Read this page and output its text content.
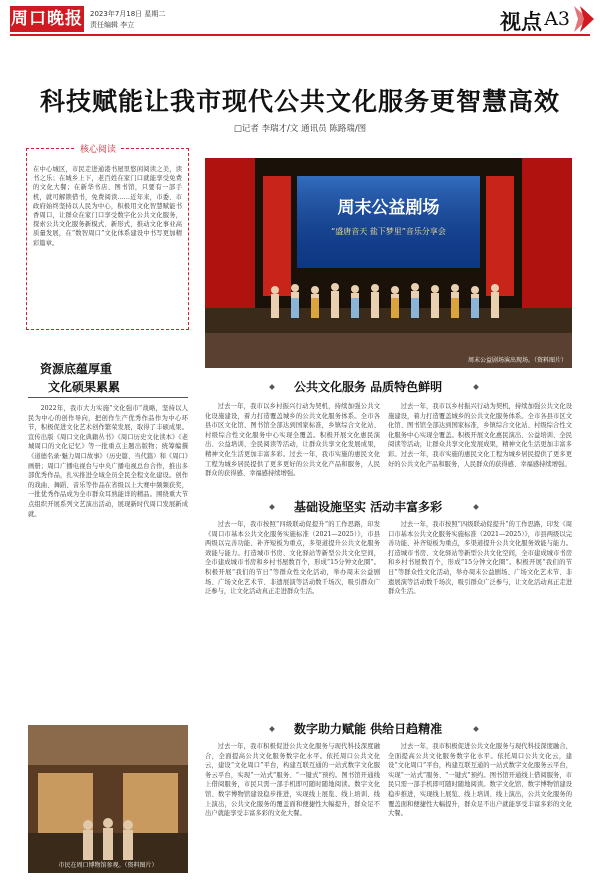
周口晚报 2023年7月18日 星期二
责任编辑 李立	视点 A3
科技赋能让我市现代公共文化服务更智慧高效
□记者 李瑞才/文 通讯员 陈路瑞/图
核心阅读
在中心城区，市民走进通港书屋里悠闲阅读之美，读书之乐；在城乡上下，老百姓在家门口就能享受免费的文化大餐；在新华书店、图书馆，只要有一部手机，就可解锁借书，免费阅读……近年来，市委、市政府始终坚持以人民为中心，积极用文化智慧赋能书香周口，让群众在家门口享受数字化公共文化服务，探索公共文化服务新模式、新形式，推动文化事业高质量发展，在“数智周口”文化体系建设中书写更加精彩篇章。
周末公益剧场
“盛唐音天 盐下梦里”音乐分享会
周末公益剧场演出现场。（资料图片）
资源底蕴厚重
文化硕果累累
2022年，我市大力实施“文化强市”战略，坚持以人民为中心的创作导向，把创作生产优秀作品作为中心环节，积极促进文化艺术创作繁荣发展，取得了丰硕成果。宣传出版《周口文化典籍丛书》《周口历史文化读本》《老城周口的文化记忆》等一批重点主题出版物；统筹编撰《道德名录·魅力周口故事》（历史篇、当代篇）和《周口》画册；周口广播电视台与中央广播电视总台合作，推出多部优秀作品，扎实推进全域全员全民全程文化建设。创作的戏曲、舞蹈、音乐等作品在省级以上大赛中频频获奖，一批优秀作品成为全市群众耳熟能详的精品。围绕重大节点组织开展系列文艺演出活动，展现新时代周口发展新成就。
公共文化服务 品质特色鲜明
过去一年，我市以乡村振兴行动为契机，持续加强公共文化设施建设，着力打造覆盖城乡的公共文化服务体系。全市各县市区文化馆、图书馆全部达到国家标准，乡镇综合文化站、村级综合性文化服务中心实现全覆盖。积极开展文化惠民演出、公益培训、全民阅读等活动，让群众共享文化发展成果，精神文化生活更加丰富多彩。过去一年，我市实施的惠民文化工程为城乡居民提供了更多更好的公共文化产品和服务，人民群众的获得感、幸福感持续增强。
过去一年，我市以乡村振兴行动为契机，持续加强公共文化设施建设，着力打造覆盖城乡的公共文化服务体系。全市各县市区文化馆、图书馆全部达到国家标准，乡镇综合文化站、村级综合性文化服务中心实现全覆盖。积极开展文化惠民演出、公益培训、全民阅读等活动，让群众共享文化发展成果，精神文化生活更加丰富多彩。过去一年，我市实施的惠民文化工程为城乡居民提供了更多更好的公共文化产品和服务，人民群众的获得感、幸福感持续增强。
基础设施坚实 活动丰富多彩
过去一年，我市按照“四级联动促提升”的工作思路，印发《周口市基本公共文化服务实施标准（2021—2025）》，市县两级以完善功能、补齐短板为重点，多渠道提升公共文化服务效能与能力。打造城市书房、文化驿站等新型公共文化空间，全市建成城市书房和乡村书屋数百个，形成“15分钟文化圈”。积极开展“我们的节日”等群众性文化活动，举办周末公益剧场、广场文化艺术节、非遗展演等活动数千场次，吸引群众广泛参与，让文化活动真正走进群众生活。
过去一年，我市按照“四级联动促提升”的工作思路，印发《周口市基本公共文化服务实施标准（2021—2025）》，市县两级以完善功能、补齐短板为重点，多渠道提升公共文化服务效能与能力。打造城市书房、文化驿站等新型公共文化空间，全市建成城市书房和乡村书屋数百个，形成“15分钟文化圈”。积极开展“我们的节日”等群众性文化活动，举办周末公益剧场、广场文化艺术节、非遗展演等活动数千场次，吸引群众广泛参与，让文化活动真正走进群众生活。
数字助力赋能 供给日趋精准
过去一年，我市积极促进公共文化服务与现代科技深度融合，全面提高公共文化服务数字化水平。依托周口公共文化云，建设“文化周口”平台，构建互联互通的一站式数字文化服务云平台，实现“一站式”服务、“一键式”预约。图书馆开通线上借阅服务，市民只需一部手机即可随时随地阅读。数字文化馆、数字博物馆建设稳步推进，实现线上展览、线上培训、线上演出，公共文化服务的覆盖面和便捷性大幅提升，群众足不出户就能享受丰富多彩的文化大餐。
过去一年，我市积极促进公共文化服务与现代科技深度融合，全面提高公共文化服务数字化水平。依托周口公共文化云，建设“文化周口”平台，构建互联互通的一站式数字文化服务云平台，实现“一站式”服务、“一键式”预约。图书馆开通线上借阅服务，市民只需一部手机即可随时随地阅读。数字文化馆、数字博物馆建设稳步推进，实现线上展览、线上培训、线上演出，公共文化服务的覆盖面和便捷性大幅提升，群众足不出户就能享受丰富多彩的文化大餐。
市民在周口博物馆参观。（资料图片）
